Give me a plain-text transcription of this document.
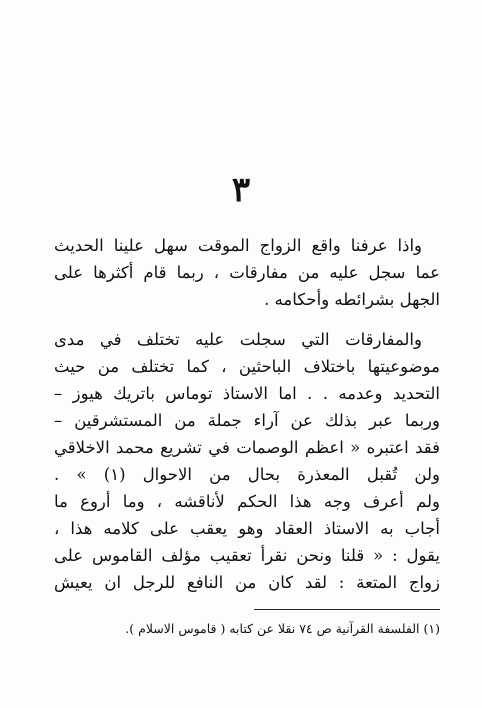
٣
واذا عرفنا واقع الزواج الموقت سهل علينا الحديث
عما سجل عليه من مفارقات ، ربما قام أكثرها على
الجهل بشرائطه وأحكامه .
والمفارقات التي سجلت عليه تختلف في مدى
موضوعيتها باختلاف الباحثين ، كما تختلف من حيث
التحديد وعدمه . . اما الاستاذ توماس باتريك هيوز –
وربما عبر بذلك عن آراء جملة من المستشرقين –
فقد اعتبره « اعظم الوصمات في تشريع محمد الاخلاقي
ولن تُقبل المعذرة بحال من الاحوال (١) » .
ولم أعرف وجه هذا الحكم لأناقشه ، وما أروع ما
أجاب به الاستاذ العقاد وهو يعقب على كلامه هذا ،
يقول : « قلنا ونحن نقرأ تعقيب مؤلف القاموس على
زواج المتعة : لقد كان من النافع للرجل ان يعيش
(١) الفلسفة القرآنية ص ٧٤ نقلا عن كتابه ( قاموس الاسلام ).
